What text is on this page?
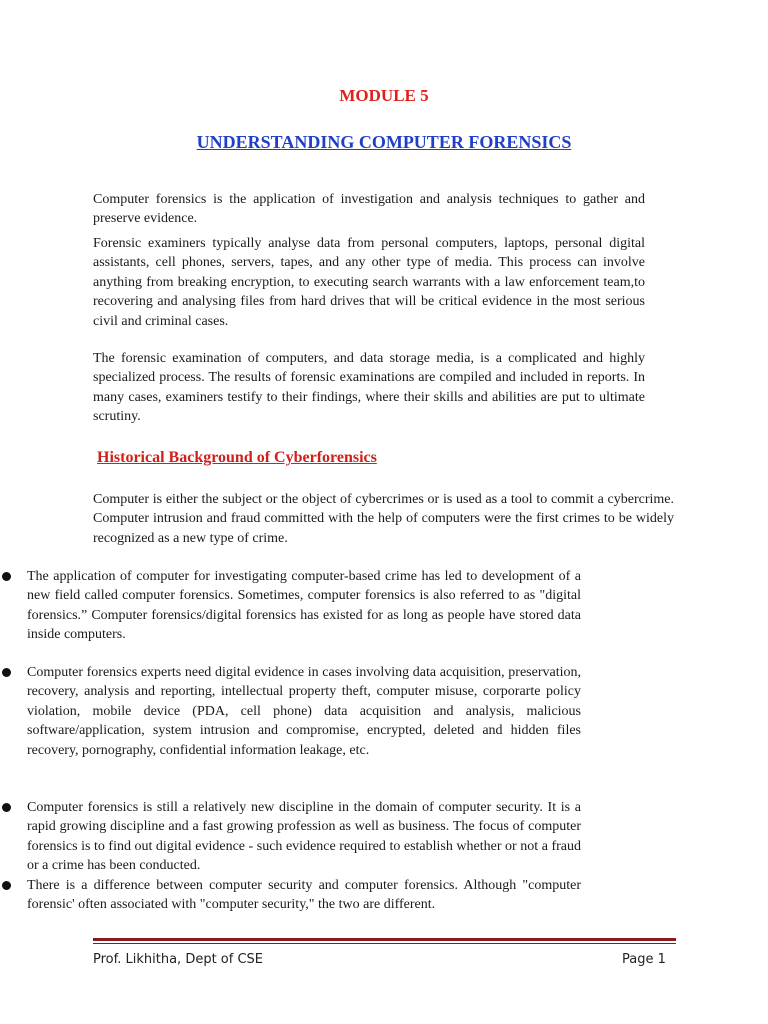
MODULE 5
UNDERSTANDING COMPUTER FORENSICS

Computer forensics is the application of investigation and analysis techniques to gather and preserve evidence.

Forensic examiners typically analyse data from personal computers, laptops, personal digital assistants, cell phones, servers, tapes, and any other type of media. This process can involve anything from breaking encryption, to executing search warrants with a law enforcement team,to recovering and analysing files from hard drives that will be critical evidence in the most serious civil and criminal cases.

The forensic examination of computers, and data storage media, is a complicated and highly specialized process. The results of forensic examinations are compiled and included in reports. In many cases, examiners testify to their findings, where their skills and abilities are put to ultimate scrutiny.

Historical Background of Cyberforensics

Computer is either the subject or the object of cybercrimes or is used as a tool to commit a cybercrime. Computer intrusion and fraud committed with the help of computers were the first crimes to be widely recognized as a new type of crime.

The application of computer for investigating computer-based crime has led to development of a new field called computer forensics. Sometimes, computer forensics is also referred to as "digital forensics.” Computer forensics/digital forensics has existed for as long as people have stored data inside computers.

Computer forensics experts need digital evidence in cases involving data acquisition, preservation, recovery, analysis and reporting, intellectual property theft, computer misuse, corporarte policy violation, mobile device (PDA, cell phone) data acquisition and analysis, malicious software/application, system intrusion and compromise, encrypted, deleted and hidden files recovery, pornography, confidential information leakage, etc.

Computer forensics is still a relatively new discipline in the domain of computer security. It is a rapid growing discipline and a fast growing profession as well as business. The focus of computer forensics is to find out digital evidence - such evidence required to establish whether or not a fraud or a crime has been conducted.

There is a difference between computer security and computer forensics. Although "computer forensic' often associated with "computer security," the two are different.

Prof. Likhitha, Dept of CSE	Page 1
